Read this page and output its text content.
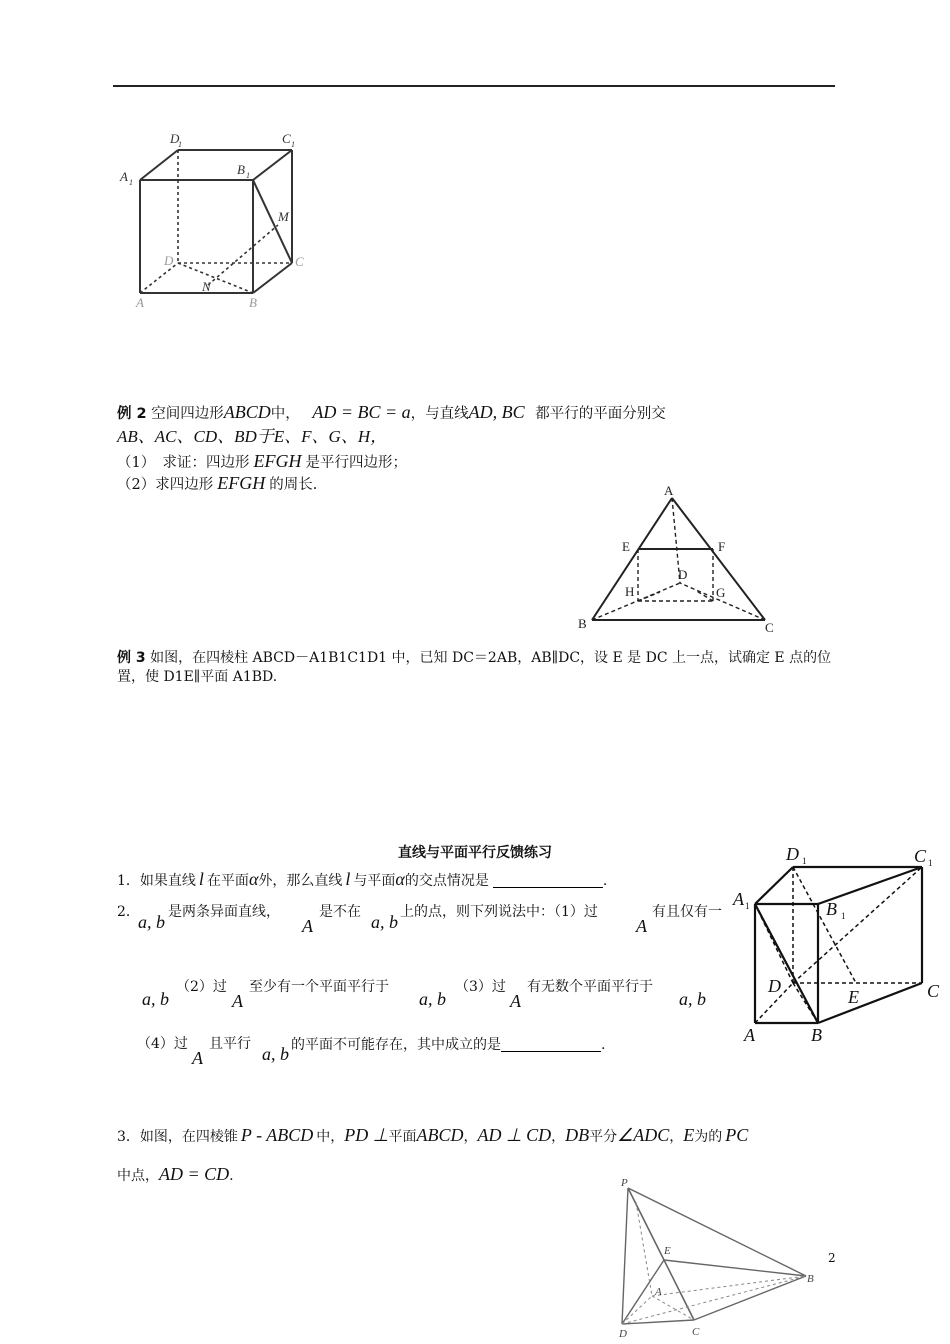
D
1	C 1
A 1
B 1
M
D	C
A
N
B
例 2 空间四边形ABCD中， AD = BC = a，与直线AD, BC 都平行的平面分别交
AB、AC、CD、BD于E、F、G、H，
（1）　求证：四边形 EFGH 是平行四边形；
（2）求四边形 EFGH 的周长.	A
E	F
D
H	G
B	C
例 3 如图，在四棱柱 ABCD－A1B1C1D1 中，已知 DC＝2AB，AB∥DC，设 E 是 DC 上一点，试确定 E 点的位
置，使 D1E∥平面 A1BD.
直线与平面平行反馈练习
1．如果直线 l 在平面α外，那么直线 l 与平面α的交点情况是	.
2．
a, b 是两条异面直线，
A
是不在 a, b 上的点，则下列说法中：（1）过
A
有且仅有一
a, b
（2）过
A
至少有一个平面平行于
a, b
（3）过
A
有无数个平面平行于
a, b
（4）过
A
且平行 a, b 的平面不可能存在，其中成立的是	.
D 1	C 1
A 1	B 1
D
E	C
A	B
3．如图，在四棱锥 P - ABCD 中，PD ⊥平面ABCD，AD ⊥ CD，DB平分∠ADC，E为的 PC
中点，AD = CD.	P
E
B
A
D	C
2
